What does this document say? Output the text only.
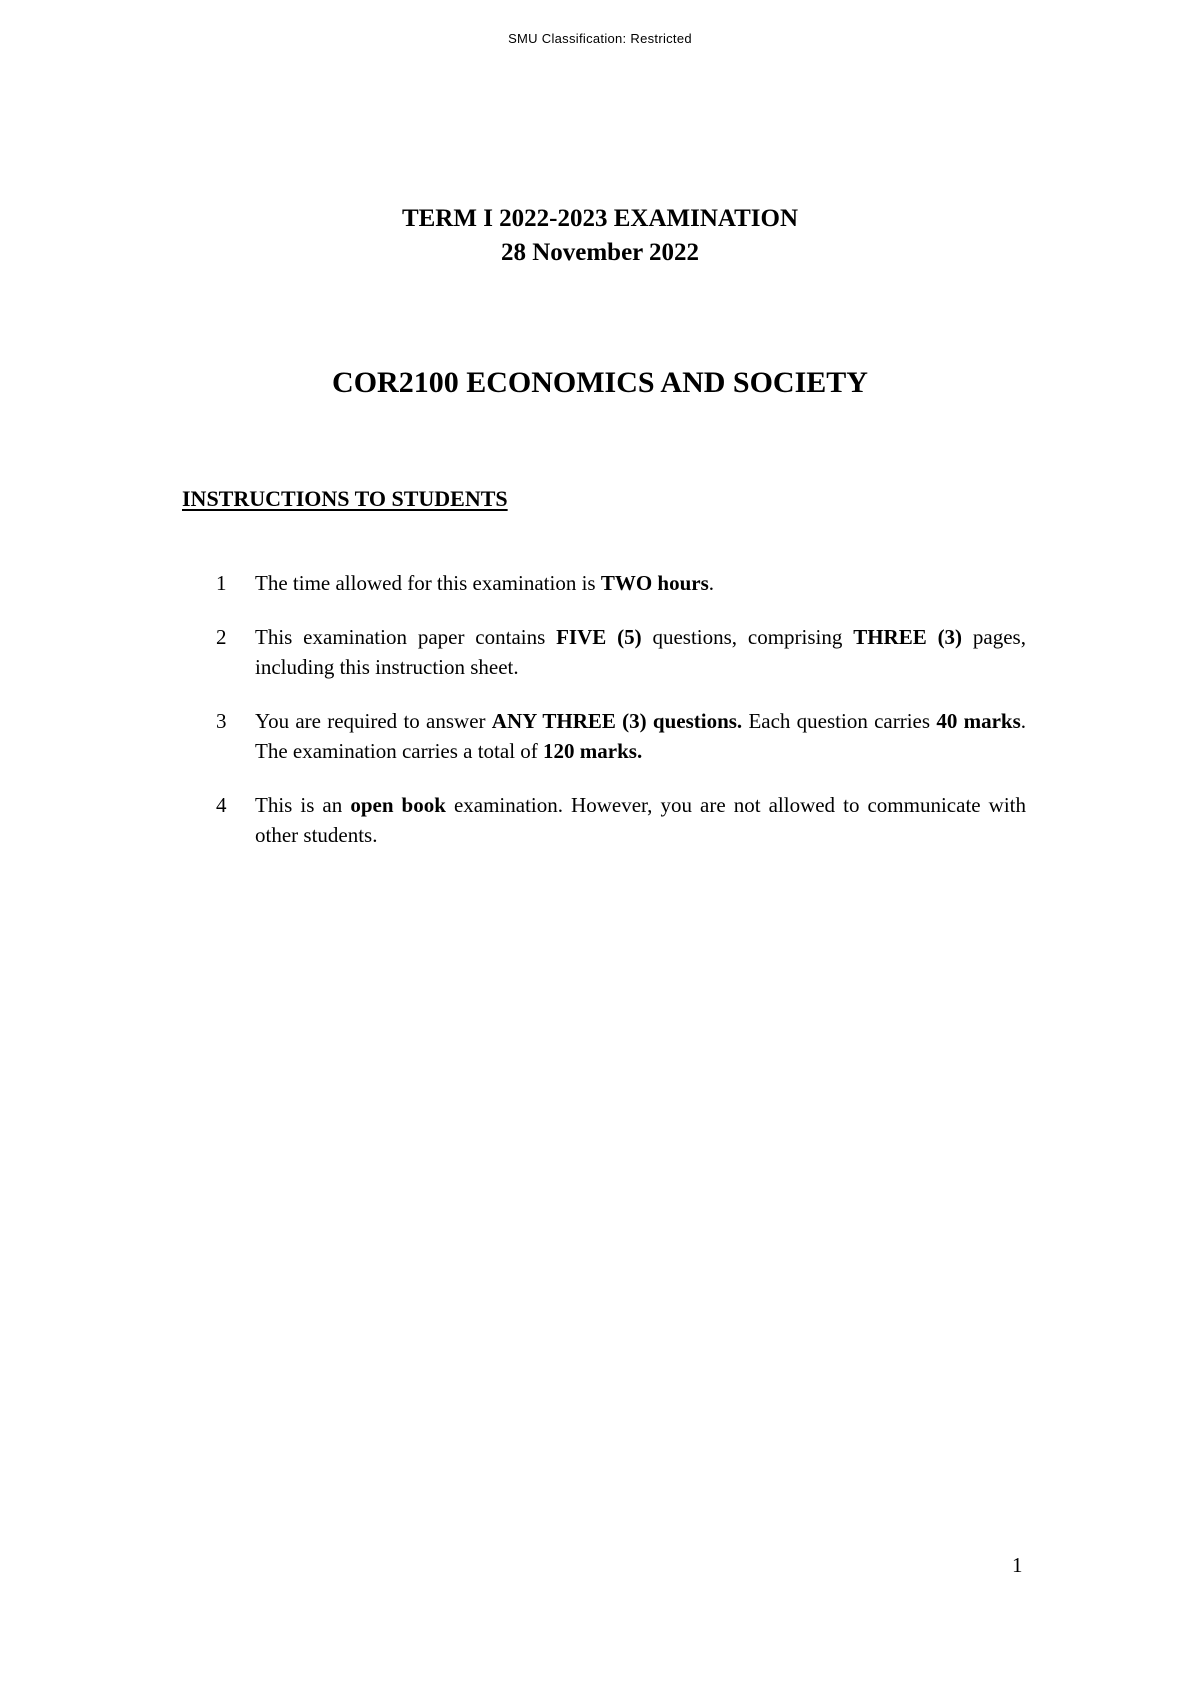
SMU Classification: Restricted
TERM I 2022-2023 EXAMINATION
28 November 2022
COR2100 ECONOMICS AND SOCIETY
INSTRUCTIONS TO STUDENTS
1	The time allowed for this examination is TWO hours.
2	This examination paper contains FIVE (5) questions, comprising THREE (3) pages, including this instruction sheet.
3	You are required to answer ANY THREE (3) questions. Each question carries 40 marks. The examination carries a total of 120 marks.
4	This is an open book examination. However, you are not allowed to communicate with other students.
1
